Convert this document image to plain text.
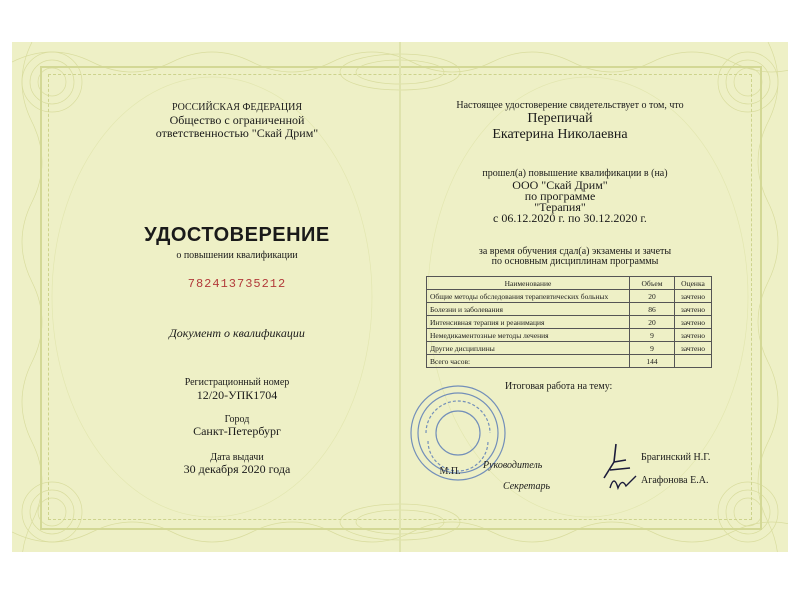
РОССИЙСКАЯ ФЕДЕРАЦИЯ
Общество с ограниченной
ответственностью "Скай Дрим"
УДОСТОВЕРЕНИЕ
о повышении квалификации
782413735212
Документ о квалификации
Регистрационный номер
12/20-УПК1704
Город
Санкт-Петербург
Дата выдачи
30 декабря 2020 года
Настоящее удостоверение свидетельствует о том, что
Перепичай
Екатерина Николаевна
прошел(а) повышение квалификации в (на)
ООО "Скай Дрим"
по программе
"Терапия"
с 06.12.2020 г. по 30.12.2020 г.
за время обучения сдал(а) экзамены и зачеты
по основным дисциплинам программы
Наименование	Объем	Оценка
Общие методы обследования терапевтических больных	20	зачтено
Болезни и заболевания	86	зачтено
Интенсивная терапия и реанимация	20	зачтено
Немедикаментозные методы лечения	9	зачтено
Другие дисциплины	9	зачтено
Всего часов:	144	
Итоговая работа на тему:
М.П.
Руководитель
Секретарь
Брагинский Н.Г.
Агафонова Е.А.
